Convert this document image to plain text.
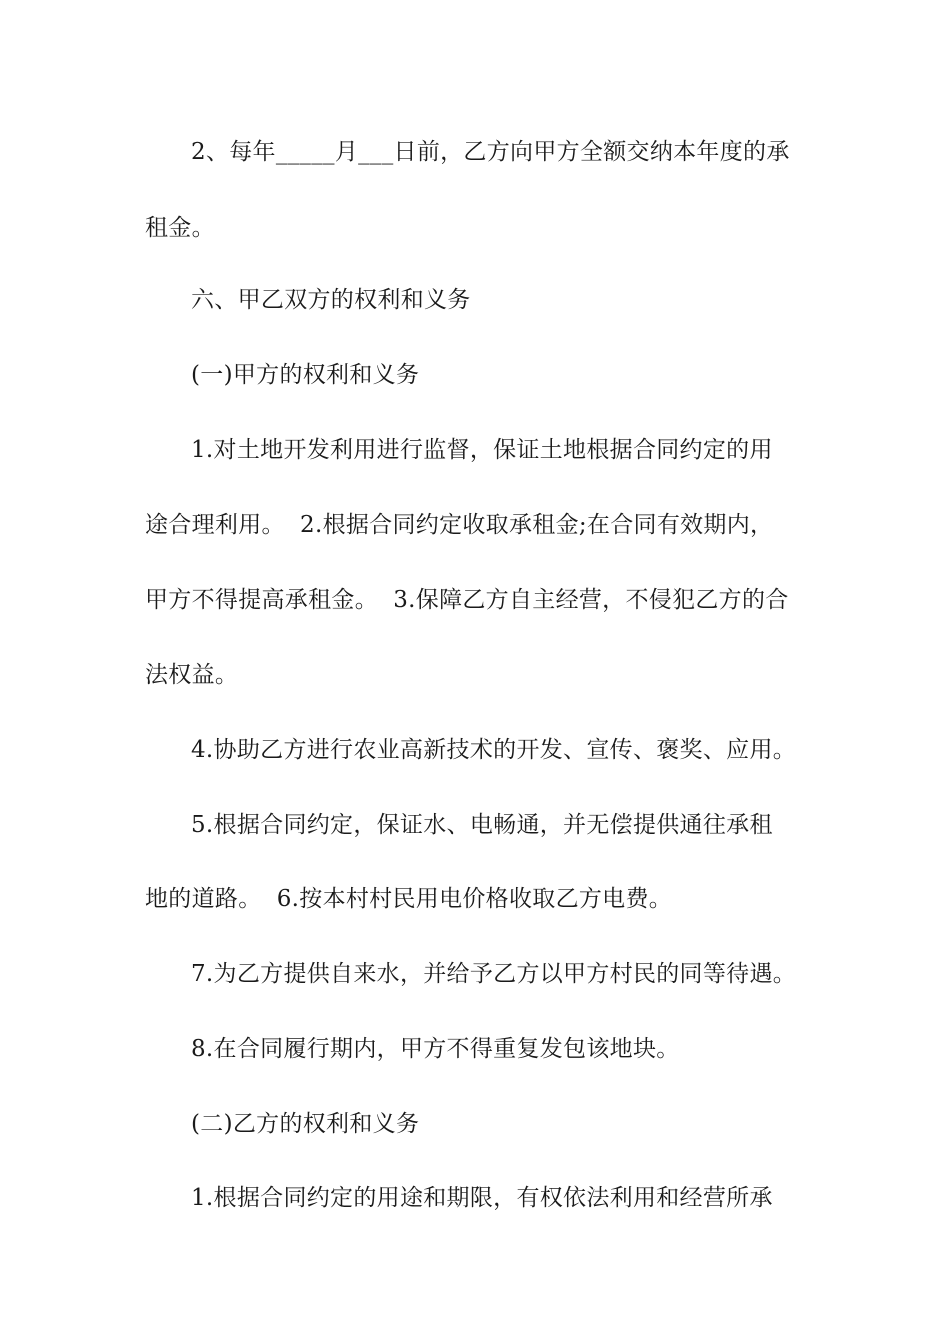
2、每年_____月___日前，乙方向甲方全额交纳本年度的承

租金。

六、甲乙双方的权利和义务

(一)甲方的权利和义务

1.对土地开发利用进行监督，保证土地根据合同约定的用

途合理利用。  2.根据合同约定收取承租金;在合同有效期内，

甲方不得提高承租金。  3.保障乙方自主经营，不侵犯乙方的合

法权益。

4.协助乙方进行农业高新技术的开发、宣传、褒奖、应用。

5.根据合同约定，保证水、电畅通，并无偿提供通往承租

地的道路。  6.按本村村民用电价格收取乙方电费。

7.为乙方提供自来水，并给予乙方以甲方村民的同等待遇。

8.在合同履行期内，甲方不得重复发包该地块。

(二)乙方的权利和义务

1.根据合同约定的用途和期限，有权依法利用和经营所承
